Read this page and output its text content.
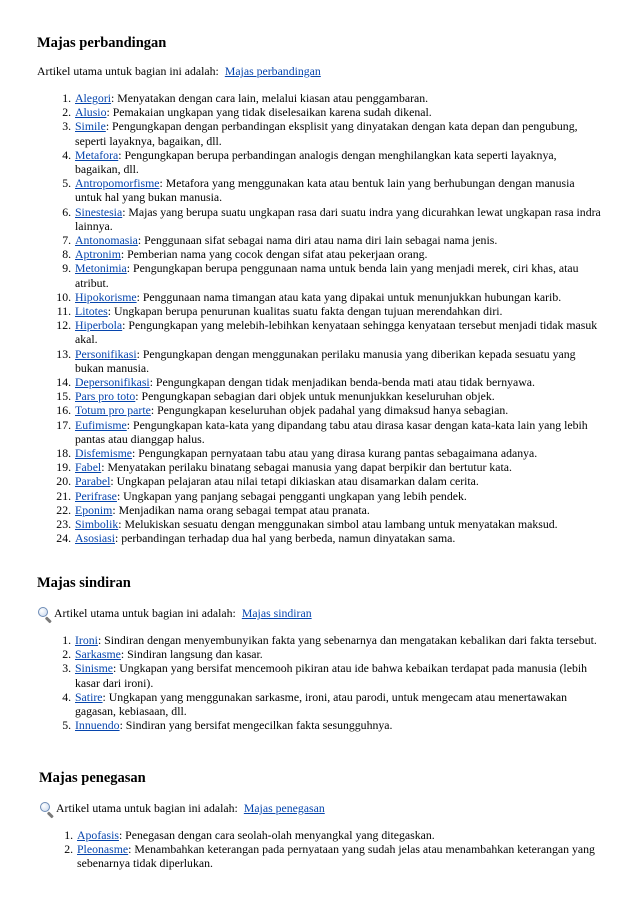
Majas perbandingan
Artikel utama untuk bagian ini adalah: Majas perbandingan
1. Alegori: Menyatakan dengan cara lain, melalui kiasan atau penggambaran.
2. Alusio: Pemakaian ungkapan yang tidak diselesaikan karena sudah dikenal.
3. Simile: Pengungkapan dengan perbandingan eksplisit yang dinyatakan dengan kata depan dan pengubung, seperti layaknya, bagaikan, dll.
4. Metafora: Pengungkapan berupa perbandingan analogis dengan menghilangkan kata seperti layaknya, bagaikan, dll.
5. Antropomorfisme: Metafora yang menggunakan kata atau bentuk lain yang berhubungan dengan manusia untuk hal yang bukan manusia.
6. Sinestesia: Majas yang berupa suatu ungkapan rasa dari suatu indra yang dicurahkan lewat ungkapan rasa indra lainnya.
7. Antonomasia: Penggunaan sifat sebagai nama diri atau nama diri lain sebagai nama jenis.
8. Aptronim: Pemberian nama yang cocok dengan sifat atau pekerjaan orang.
9. Metonimia: Pengungkapan berupa penggunaan nama untuk benda lain yang menjadi merek, ciri khas, atau atribut.
10. Hipokorisme: Penggunaan nama timangan atau kata yang dipakai untuk menunjukkan hubungan karib.
11. Litotes: Ungkapan berupa penurunan kualitas suatu fakta dengan tujuan merendahkan diri.
12. Hiperbola: Pengungkapan yang melebih-lebihkan kenyataan sehingga kenyataan tersebut menjadi tidak masuk akal.
13. Personifikasi: Pengungkapan dengan menggunakan perilaku manusia yang diberikan kepada sesuatu yang bukan manusia.
14. Depersonifikasi: Pengungkapan dengan tidak menjadikan benda-benda mati atau tidak bernyawa.
15. Pars pro toto: Pengungkapan sebagian dari objek untuk menunjukkan keseluruhan objek.
16. Totum pro parte: Pengungkapan keseluruhan objek padahal yang dimaksud hanya sebagian.
17. Eufimisme: Pengungkapan kata-kata yang dipandang tabu atau dirasa kasar dengan kata-kata lain yang lebih pantas atau dianggap halus.
18. Disfemisme: Pengungkapan pernyataan tabu atau yang dirasa kurang pantas sebagaimana adanya.
19. Fabel: Menyatakan perilaku binatang sebagai manusia yang dapat berpikir dan bertutur kata.
20. Parabel: Ungkapan pelajaran atau nilai tetapi dikiaskan atau disamarkan dalam cerita.
21. Perifrase: Ungkapan yang panjang sebagai pengganti ungkapan yang lebih pendek.
22. Eponim: Menjadikan nama orang sebagai tempat atau pranata.
23. Simbolik: Melukiskan sesuatu dengan menggunakan simbol atau lambang untuk menyatakan maksud.
24. Asosiasi: perbandingan terhadap dua hal yang berbeda, namun dinyatakan sama.
Majas sindiran
Artikel utama untuk bagian ini adalah: Majas sindiran
1. Ironi: Sindiran dengan menyembunyikan fakta yang sebenarnya dan mengatakan kebalikan dari fakta tersebut.
2. Sarkasme: Sindiran langsung dan kasar.
3. Sinisme: Ungkapan yang bersifat mencemooh pikiran atau ide bahwa kebaikan terdapat pada manusia (lebih kasar dari ironi).
4. Satire: Ungkapan yang menggunakan sarkasme, ironi, atau parodi, untuk mengecam atau menertawakan gagasan, kebiasaan, dll.
5. Innuendo: Sindiran yang bersifat mengecilkan fakta sesungguhnya.
Majas penegasan
Artikel utama untuk bagian ini adalah: Majas penegasan
1. Apofasis: Penegasan dengan cara seolah-olah menyangkal yang ditegaskan.
2. Pleonasme: Menambahkan keterangan pada pernyataan yang sudah jelas atau menambahkan keterangan yang sebenarnya tidak diperlukan.
